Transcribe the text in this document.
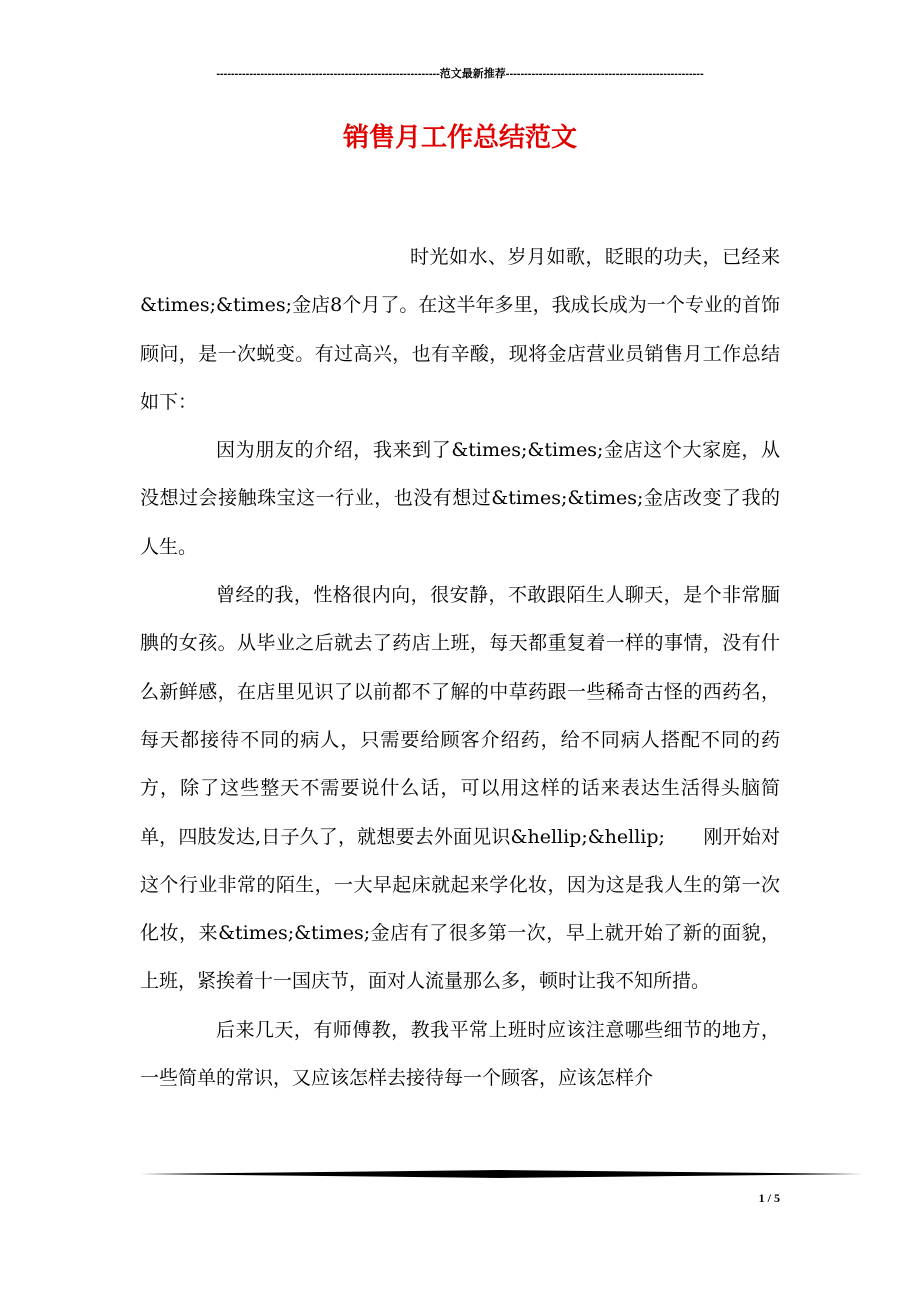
-------------------------------------------------------------范文最新推荐------------------------------------------------------
销售月工作总结范文

时光如水、岁月如歌，眨眼的功夫，已经来&times;&times;金店8个月了。在这半年多里，我成长成为一个专业的首饰顾问，是一次蜕变。有过高兴，也有辛酸，现将金店营业员销售月工作总结如下：

因为朋友的介绍，我来到了&times;&times;金店这个大家庭，从没想过会接触珠宝这一行业，也没有想过&times;&times;金店改变了我的人生。

曾经的我，性格很内向，很安静，不敢跟陌生人聊天，是个非常腼腆的女孩。从毕业之后就去了药店上班，每天都重复着一样的事情，没有什么新鲜感，在店里见识了以前都不了解的中草药跟一些稀奇古怪的西药名，每天都接待不同的病人，只需要给顾客介绍药，给不同病人搭配不同的药方，除了这些整天不需要说什么话，可以用这样的话来表达生活得头脑简单，四肢发达,日子久了，就想要去外面见识&hellip;&hellip;　　刚开始对这个行业非常的陌生，一大早起床就起来学化妆，因为这是我人生的第一次化妆，来&times;&times;金店有了很多第一次，早上就开始了新的面貌，上班，紧挨着十一国庆节，面对人流量那么多，顿时让我不知所措。

后来几天，有师傅教，教我平常上班时应该注意哪些细节的地方，一些简单的常识，又应该怎样去接待每一个顾客，应该怎样介

1 / 5
